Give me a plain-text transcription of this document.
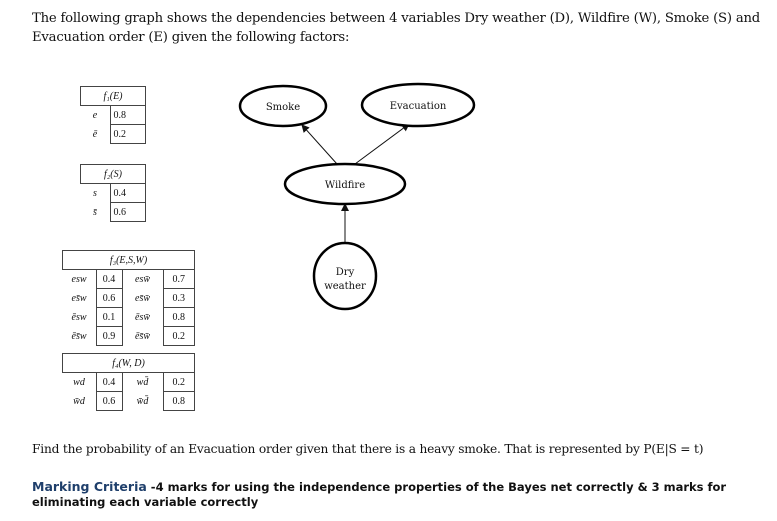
The following graph shows the dependencies between 4 variables Dry weather (D), Wildfire (W), Smoke (S) and Evacuation order (E) given the following factors:
f₁(E)	
e	0.8
ē	0.2
f₂(S)	
s	0.4
s̄	0.6
f₃(E,S,W)			
esw	0.4	esw̄	0.7
es̄w	0.6	es̄w̄	0.3
ēsw	0.1	ēsw̄	0.8
ēs̄w	0.9	ēs̄w̄	0.2
f₄(W, D)			
wd	0.4	wd̄	0.2
w̄d	0.6	w̄d̄	0.8
Smoke	Evacuation
Wildfire
Dry
weather
Find the probability of an Evacuation order given that there is a heavy smoke. That is represented by P(E|S = t)
Marking Criteria -4 marks for using the independence properties of the Bayes net correctly & 3 marks for eliminating each variable correctly
